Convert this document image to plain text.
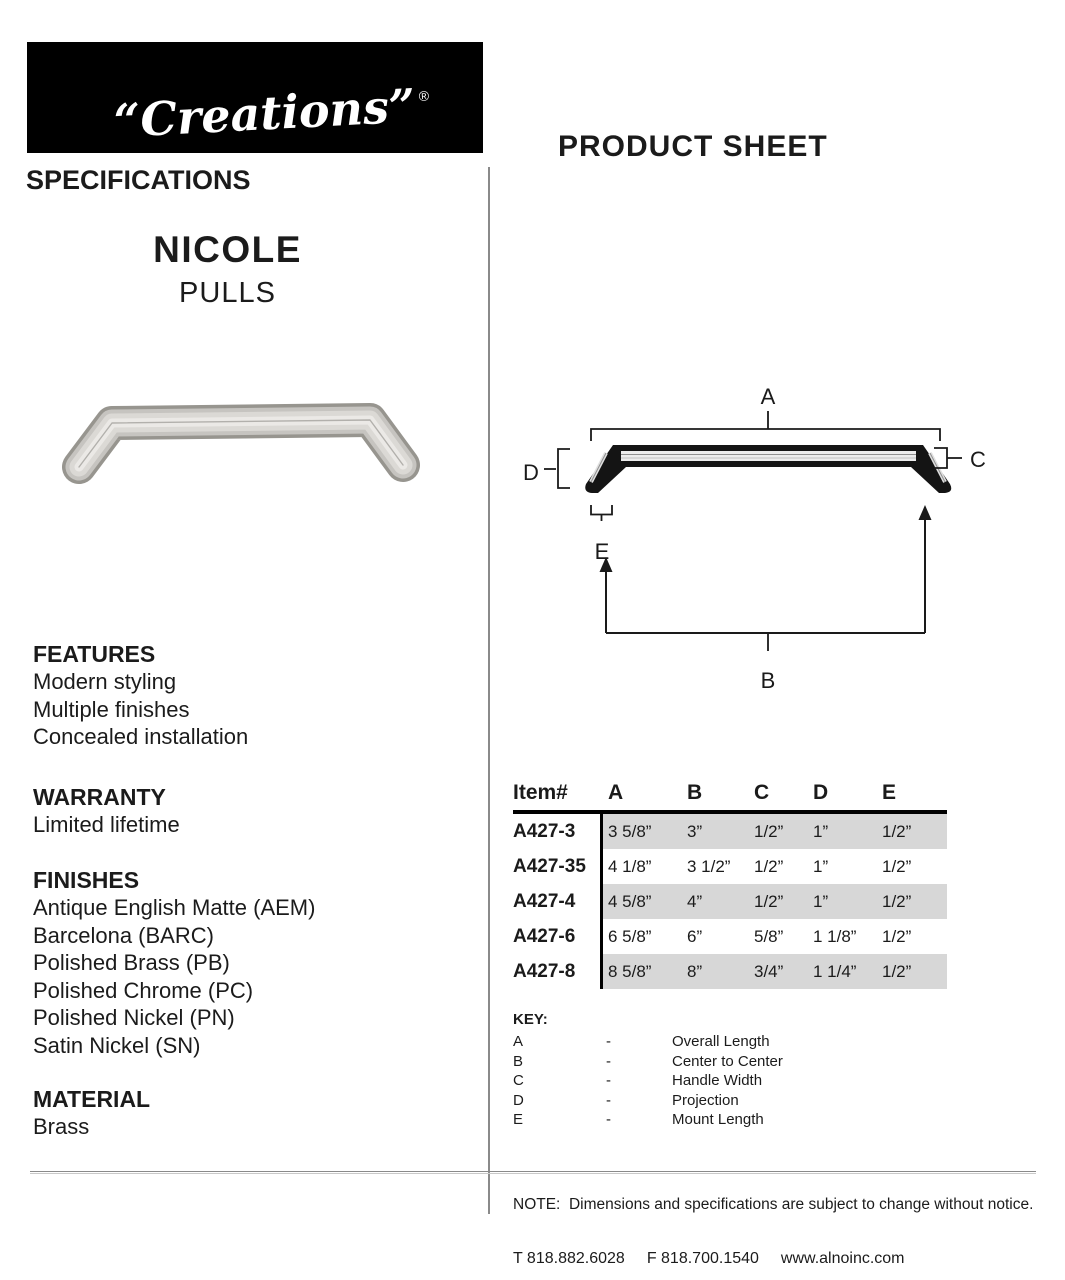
“Creations” ®
by ALNO, INC.
PRODUCT SHEET
SPECIFICATIONS
NICOLE
PULLS
FEATURES
Modern styling
Multiple finishes
Concealed installation
WARRANTY
Limited lifetime
FINISHES
Antique English Matte (AEM)
Barcelona (BARC)
Polished Brass (PB)
Polished Chrome (PC)
Polished Nickel (PN)
Satin Nickel (SN)
MATERIAL
Brass
A
D
C
E
B
Item#	A	B	C	D	E
A427-3	3 5/8”	3”	1/2”	1”	1/2”
A427-35	4 1/8”	3 1/2”	1/2”	1”	1/2”
A427-4	4 5/8”	4”	1/2”	1”	1/2”
A427-6	6 5/8”	6”	5/8”	1 1/8”	1/2”
A427-8	8 5/8”	8”	3/4”	1 1/4”	1/2”
KEY:
A	-	Overall Length
B	-	Center to Center
C	-	Handle Width
D	-	Projection
E	-	Mount Length
NOTE:  Dimensions and specifications are subject to change without notice.
T 818.882.6028 F 818.700.1540 www.alnoinc.com
